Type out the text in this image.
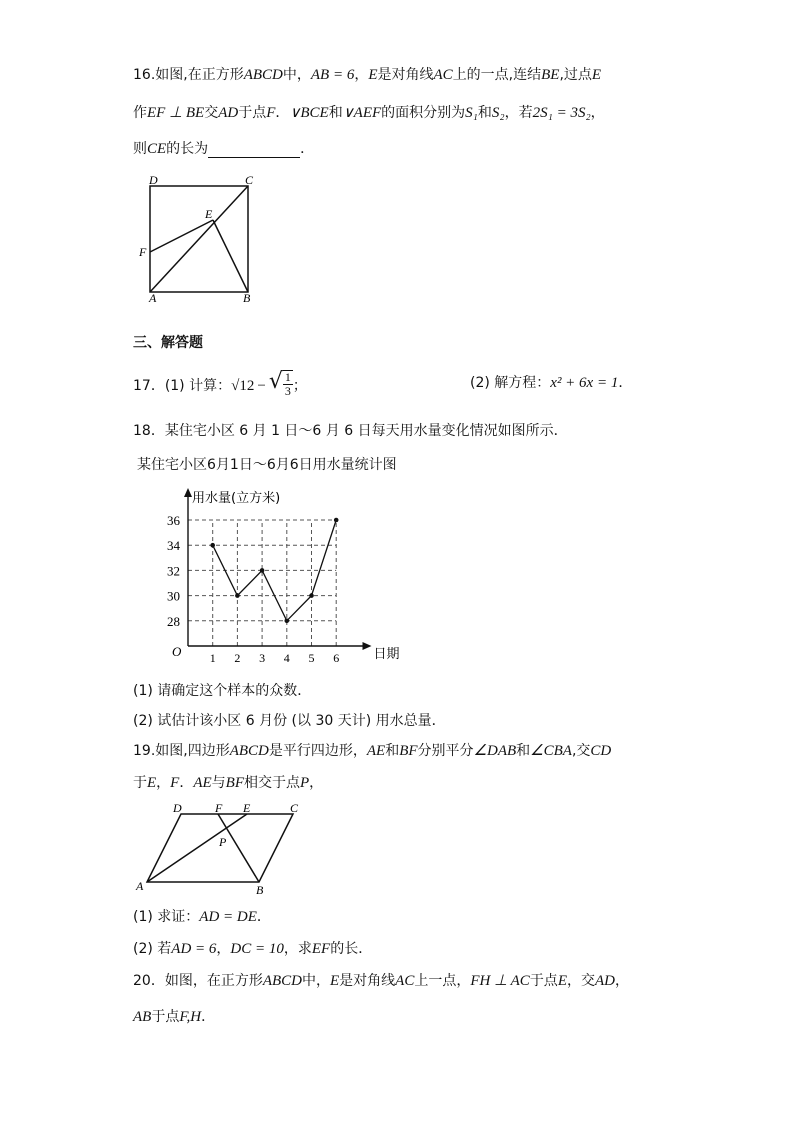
16.如图,在正方形ABCD中，AB = 6，E是对角线AC上的一点,连结BE,过点E
作EF ⊥ BE交AD于点F．∨BCE和∨AEF的面积分别为S₁和S₂，若2S₁ = 3S₂，
则CE的长为	．
D	C
E
F
A	B
三、解答题
17．(1) 计算：√12 − √ $\frac{1}{3}$ ；	(2) 解方程：x² + 6x = 1．
18．某住宅小区 6 月 1 日～6 月 6 日每天用水量变化情况如图所示．
某住宅小区6月1日～6月6日用水量统计图
28
30
32
34
36
1 2 3 4 5 6
O
用水量(立方米)
日期
(1) 请确定这个样本的众数．
(2) 试估计该小区 6 月份 (以 30 天计) 用水总量．
19.如图,四边形ABCD是平行四边形，AE和BF分别平分∠DAB和∠CBA,交CD
于E，F．AE与BF相交于点P，
D	F E	C
P
A	B
(1) 求证：AD = DE．
(2) 若AD = 6，DC = 10，求EF的长．
20．如图，在正方形ABCD中，E是对角线AC上一点，FH ⊥ AC于点E，交AD，
AB于点F,H．
